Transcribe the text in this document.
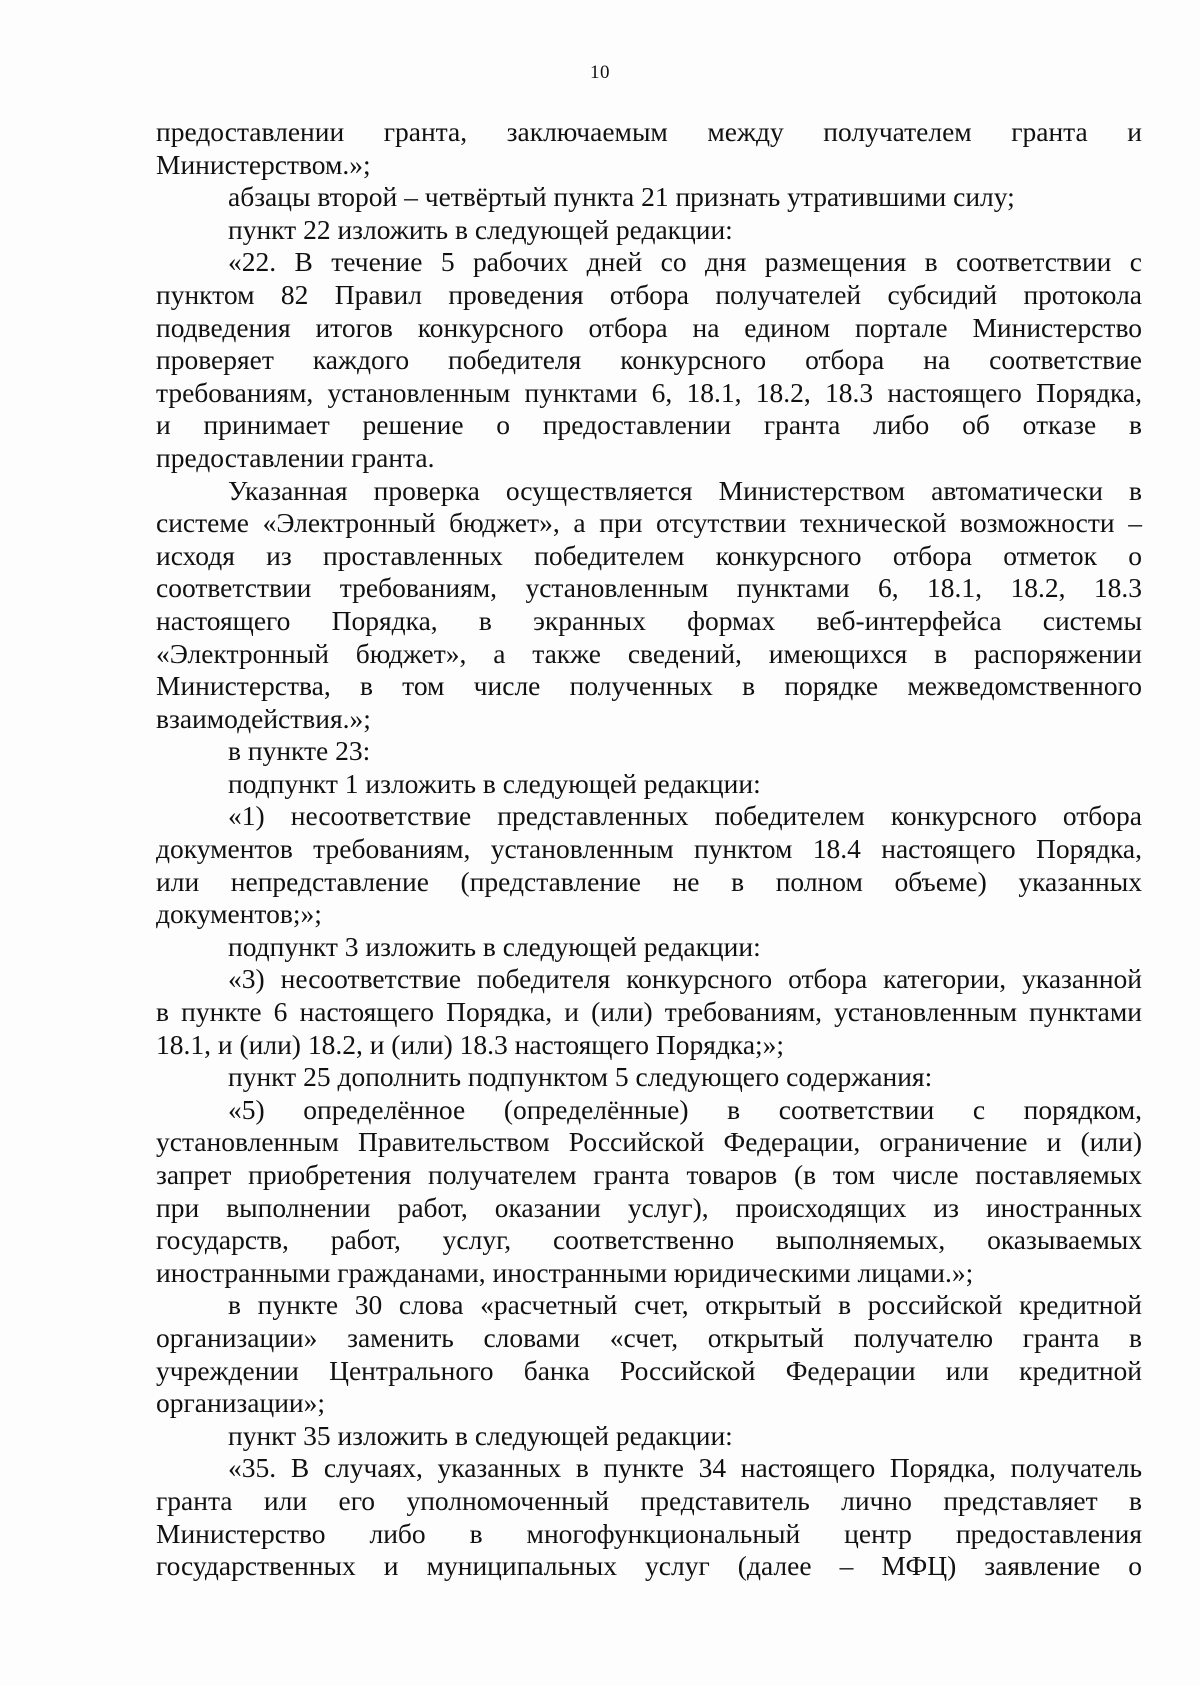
10
предоставлении гранта, заключаемым между получателем гранта и
Министерством.»;
абзацы второй – четвёртый пункта 21 признать утратившими силу;
пункт 22 изложить в следующей редакции:
«22. В течение 5 рабочих дней со дня размещения в соответствии с
пунктом 82 Правил проведения отбора получателей субсидий протокола
подведения итогов конкурсного отбора на едином портале Министерство
проверяет каждого победителя конкурсного отбора на соответствие
требованиям, установленным пунктами 6, 18.1, 18.2, 18.3 настоящего Порядка,
и принимает решение о предоставлении гранта либо об отказе в
предоставлении гранта.
Указанная проверка осуществляется Министерством автоматически в
системе «Электронный бюджет», а при отсутствии технической возможности –
исходя из проставленных победителем конкурсного отбора отметок о
соответствии требованиям, установленным пунктами 6, 18.1, 18.2, 18.3
настоящего Порядка, в экранных формах веб-интерфейса системы
«Электронный бюджет», а также сведений, имеющихся в распоряжении
Министерства, в том числе полученных в порядке межведомственного
взаимодействия.»;
в пункте 23:
подпункт 1 изложить в следующей редакции:
«1) несоответствие представленных победителем конкурсного отбора
документов требованиям, установленным пунктом 18.4 настоящего Порядка,
или непредставление (представление не в полном объеме) указанных
документов;»;
подпункт 3 изложить в следующей редакции:
«3) несоответствие победителя конкурсного отбора категории, указанной
в пункте 6 настоящего Порядка, и (или) требованиям, установленным пунктами
18.1, и (или) 18.2, и (или) 18.3 настоящего Порядка;»;
пункт 25 дополнить подпунктом 5 следующего содержания:
«5) определённое (определённые) в соответствии с порядком,
установленным Правительством Российской Федерации, ограничение и (или)
запрет приобретения получателем гранта товаров (в том числе поставляемых
при выполнении работ, оказании услуг), происходящих из иностранных
государств, работ, услуг, соответственно выполняемых, оказываемых
иностранными гражданами, иностранными юридическими лицами.»;
в пункте 30 слова «расчетный счет, открытый в российской кредитной
организации» заменить словами «счет, открытый получателю гранта в
учреждении Центрального банка Российской Федерации или кредитной
организации»;
пункт 35 изложить в следующей редакции:
«35. В случаях, указанных в пункте 34 настоящего Порядка, получатель
гранта или его уполномоченный представитель лично представляет в
Министерство либо в многофункциональный центр предоставления
государственных и муниципальных услуг (далее – МФЦ) заявление о
